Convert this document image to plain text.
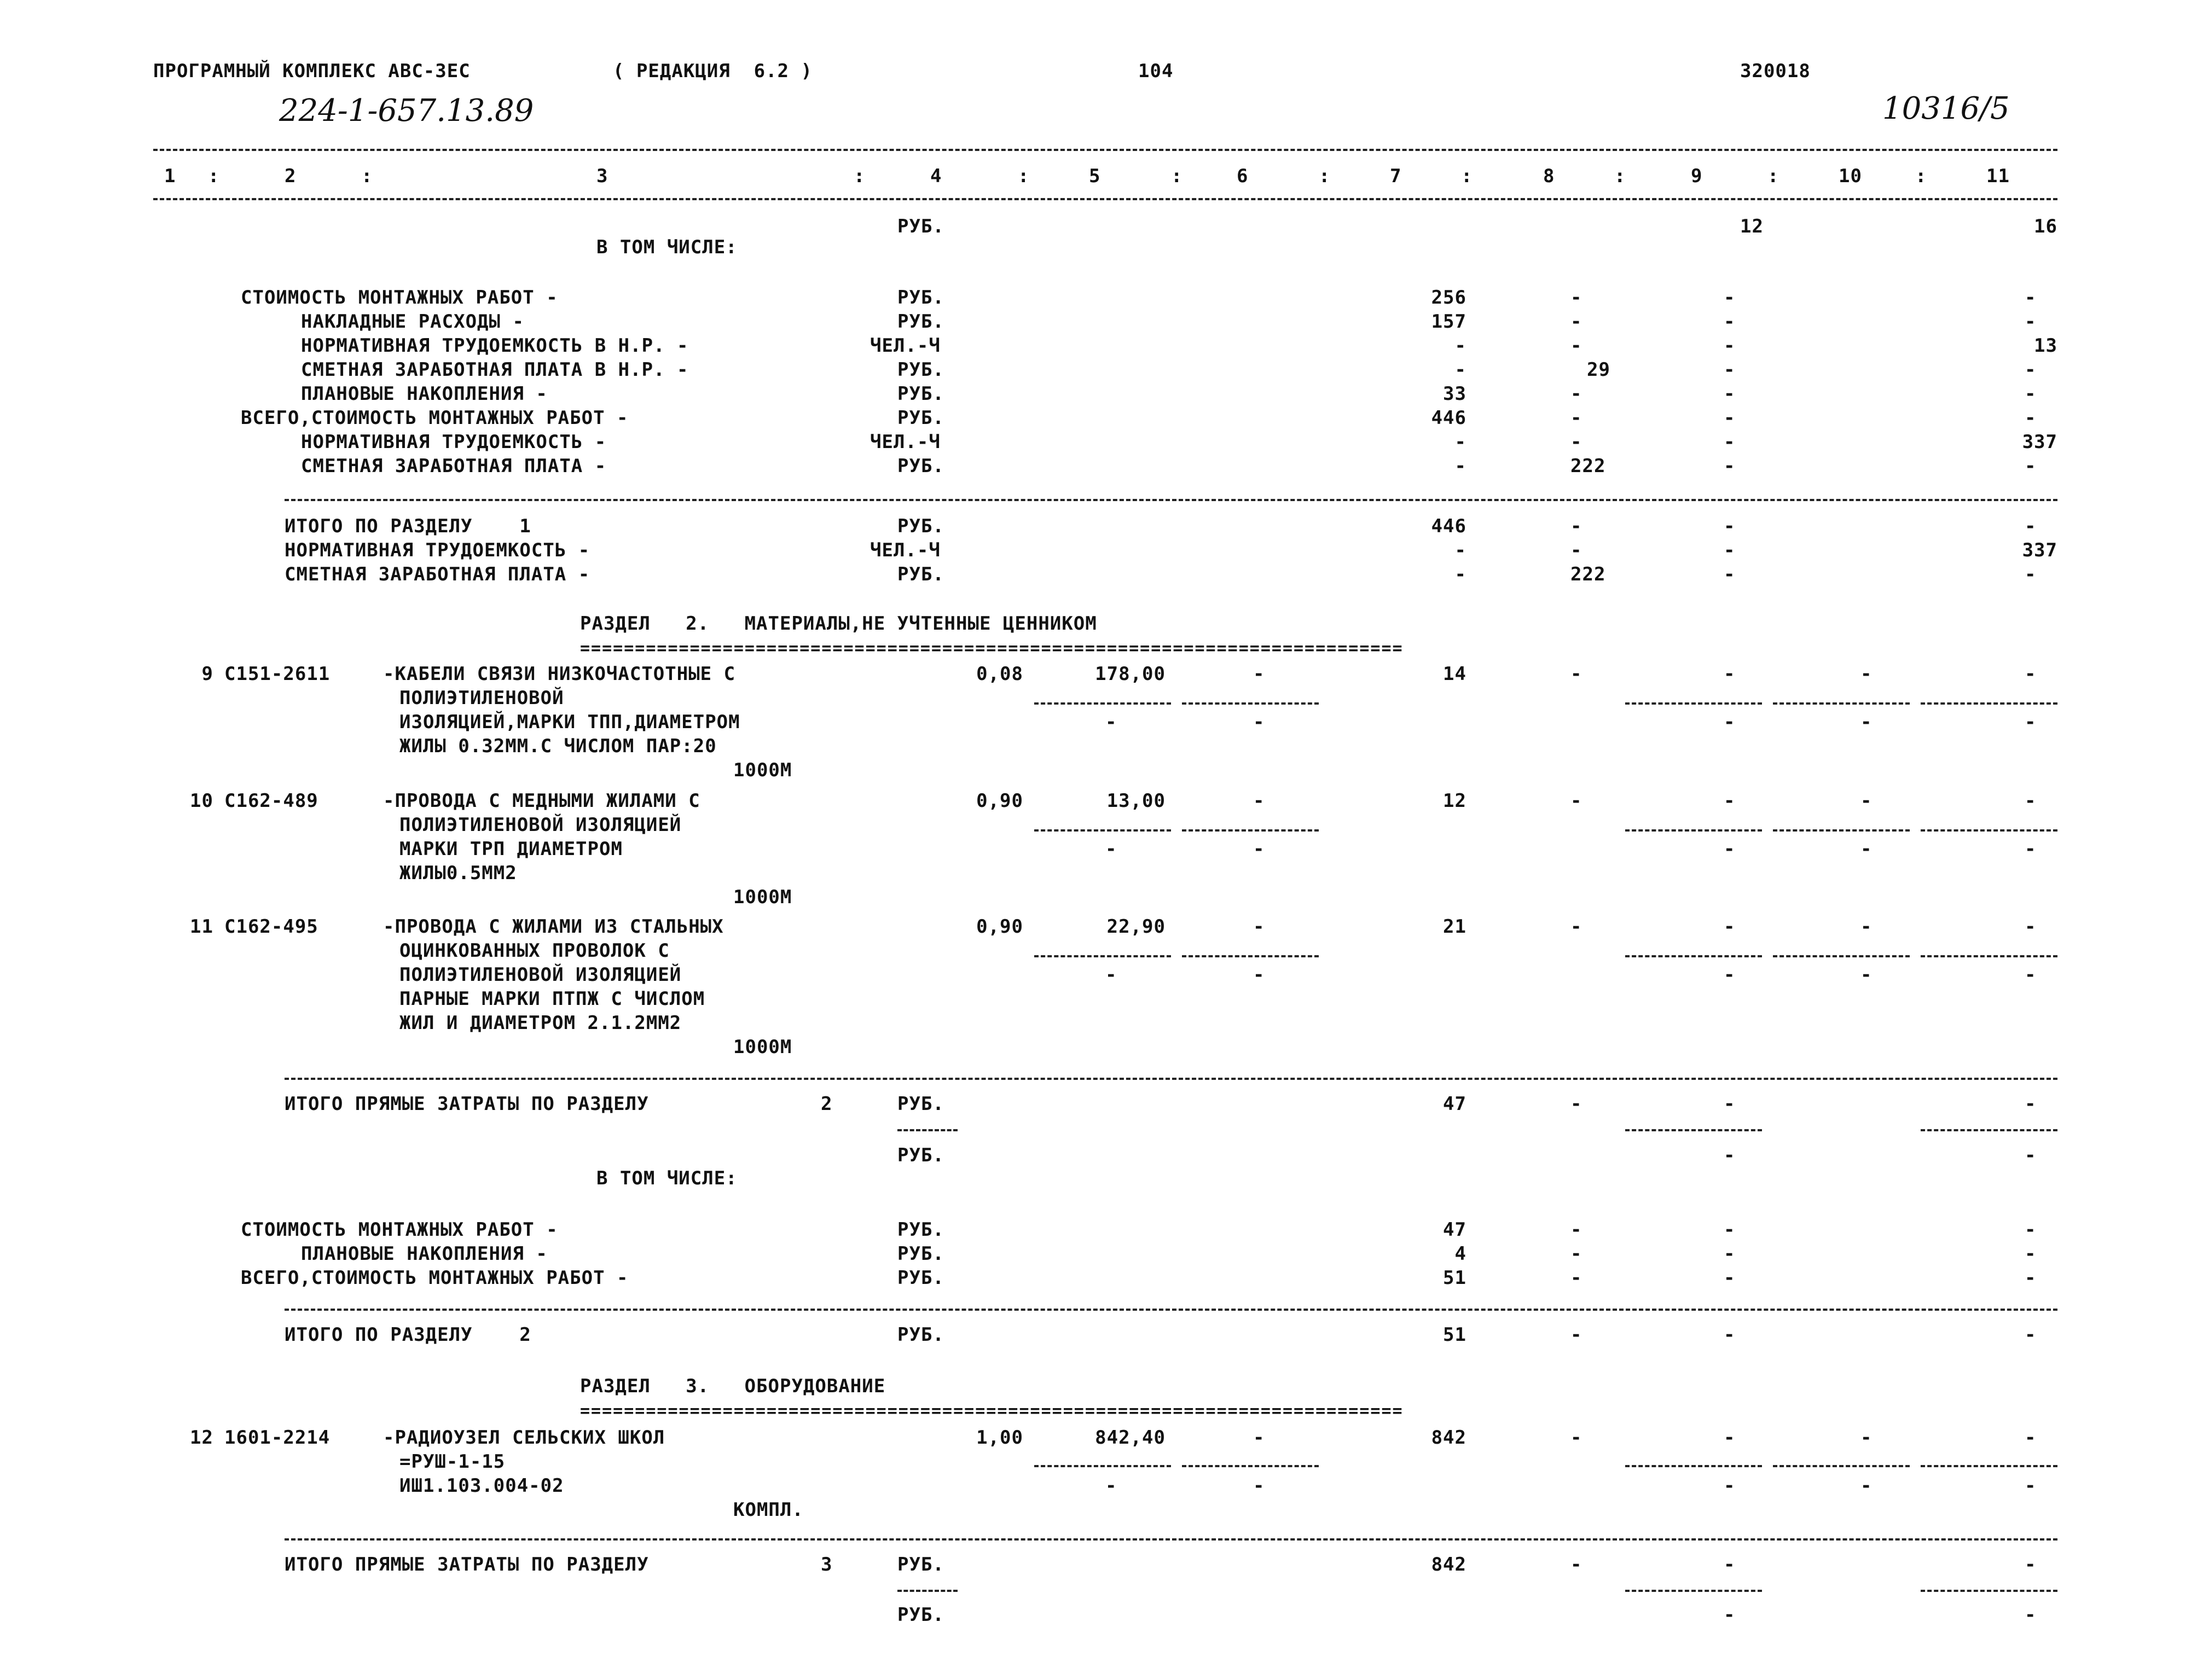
ПРОГРАМНЫЙ КОМПЛЕКС АВС-3ЕС	( РЕДАКЦИЯ  6.2 )	104	320018
224-1-657.13.89	10316/5
1 :	2	:	3	:	4	:	5	:	6	:	7	:	8	:	9	:	10	:	11
РУБ.	12	16
В ТОМ ЧИСЛЕ:
СТОИМОСТЬ МОНТАЖНЫХ РАБОТ -	РУБ.	256	-	-	-
НАКЛАДНЫЕ РАСХОДЫ -	РУБ.	157	-	-	-
НОРМАТИВНАЯ ТРУДОЕМКОСТЬ В Н.Р. -	ЧЕЛ.-Ч	-	-	-	13
СМЕТНАЯ ЗАРАБОТНАЯ ПЛАТА В Н.Р. -	РУБ.	-	29	-	-
ПЛАНОВЫЕ НАКОПЛЕНИЯ -	РУБ.	33	-	-	-
ВСЕГО,СТОИМОСТЬ МОНТАЖНЫХ РАБОТ -	РУБ.	446	-	-	-
НОРМАТИВНАЯ ТРУДОЕМКОСТЬ -	ЧЕЛ.-Ч	-	-	-	337
СМЕТНАЯ ЗАРАБОТНАЯ ПЛАТА -	РУБ.	-	222	-	-
ИТОГО ПО РАЗДЕЛУ    1	РУБ.	446	-	-	-
НОРМАТИВНАЯ ТРУДОЕМКОСТЬ -	ЧЕЛ.-Ч	-	-	-	337
СМЕТНАЯ ЗАРАБОТНАЯ ПЛАТА -	РУБ.	-	222	-	-
РАЗДЕЛ   2.   МАТЕРИАЛЫ,НЕ УЧТЕННЫЕ ЦЕННИКОМ
===========================================================================
9 С151-2611	-КАБЕЛИ СВЯЗИ НИЗКОЧАСТОТНЫЕ С
ПОЛИЭТИЛЕНОВОЙ
ИЗОЛЯЦИЕЙ,МАРКИ ТПП,ДИАМЕТРОМ
ЖИЛЫ 0.32ММ.С ЧИСЛОМ ПАР:20
1000М
0,08	178,00	-	14	-	-	-	-
-	-	-	-	-
10 С162-489	-ПРОВОДА С МЕДНЫМИ ЖИЛАМИ С
ПОЛИЭТИЛЕНОВОЙ ИЗОЛЯЦИЕЙ
МАРКИ ТРП ДИАМЕТРОМ
ЖИЛЫ0.5ММ2
1000М
0,90	13,00	-	12	-	-	-	-
-	-	-	-	-
11 С162-495	-ПРОВОДА С ЖИЛАМИ ИЗ СТАЛЬНЫХ
ОЦИНКОВАННЫХ ПРОВОЛОК С
ПОЛИЭТИЛЕНОВОЙ ИЗОЛЯЦИЕЙ
ПАРНЫЕ МАРКИ ПТПЖ С ЧИСЛОМ
ЖИЛ И ДИАМЕТРОМ 2.1.2ММ2
1000М
0,90	22,90	-	21	-	-	-	-
-	-	-	-	-
ИТОГО ПРЯМЫЕ ЗАТРАТЫ ПО РАЗДЕЛУ	2	РУБ.	47	-	-	-
РУБ.	-	-
В ТОМ ЧИСЛЕ:
СТОИМОСТЬ МОНТАЖНЫХ РАБОТ -	РУБ.	47	-	-	-
ПЛАНОВЫЕ НАКОПЛЕНИЯ -	РУБ.	4	-	-	-
ВСЕГО,СТОИМОСТЬ МОНТАЖНЫХ РАБОТ -	РУБ.	51	-	-	-
ИТОГО ПО РАЗДЕЛУ    2	РУБ.	51	-	-	-
РАЗДЕЛ   3.   ОБОРУДОВАНИЕ
===========================================================================
12 1601-2214	-РАДИОУЗЕЛ СЕЛЬСКИХ ШКОЛ
=РУШ-1-15
ИШ1.103.004-02
КОМПЛ.
1,00	842,40	-	842	-	-	-	-
-	-	-	-	-
ИТОГО ПРЯМЫЕ ЗАТРАТЫ ПО РАЗДЕЛУ	3	РУБ.	842	-	-	-
РУБ.	-	-
